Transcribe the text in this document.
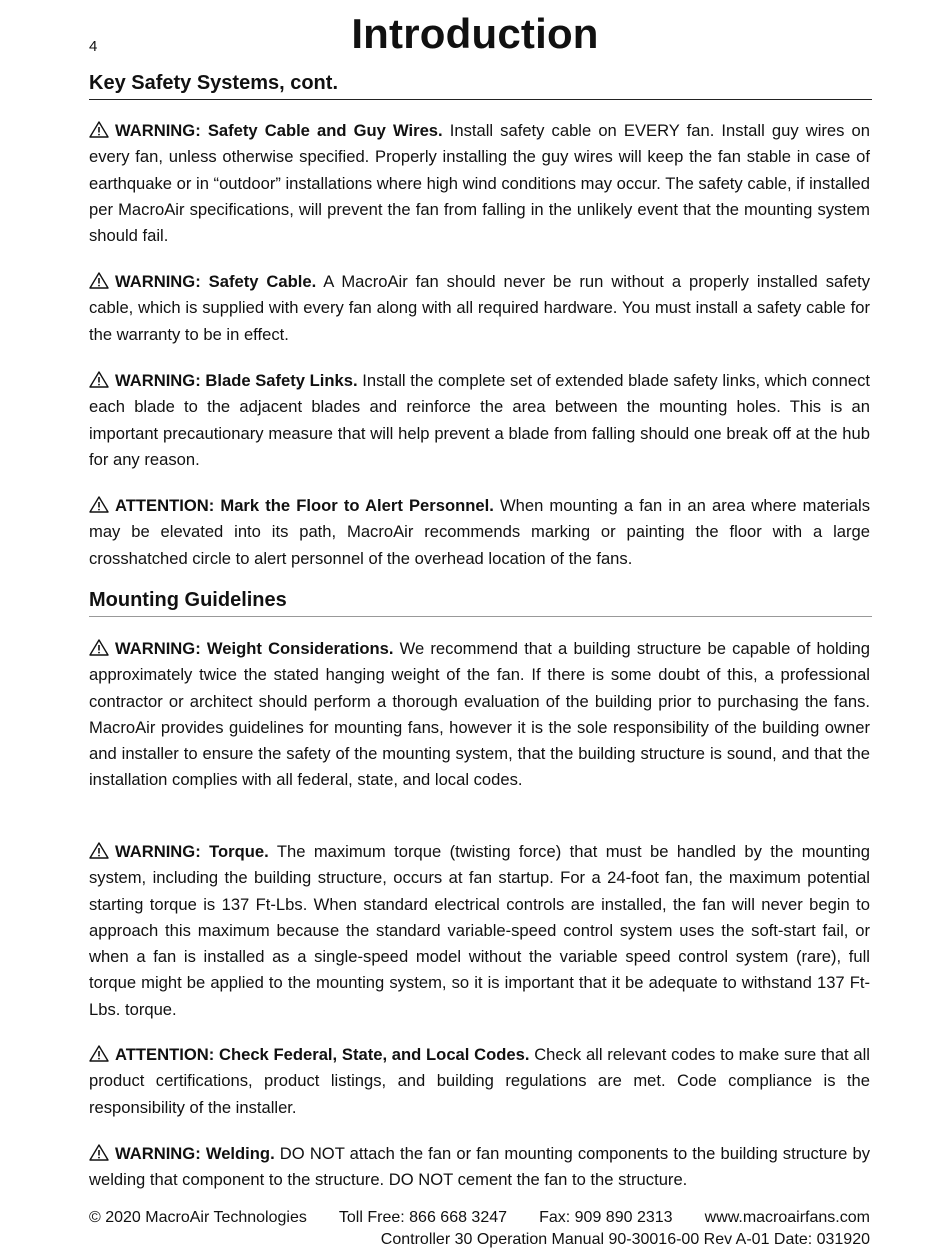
4	Introduction
Key Safety Systems, cont.

WARNING: Safety Cable and Guy Wires. Install safety cable on EVERY fan. Install guy wires on every fan, unless otherwise specified. Properly installing the guy wires will keep the fan stable in case of earthquake or in “outdoor” installations where high wind conditions may occur. The safety cable, if installed per MacroAir specifications, will prevent the fan from falling in the unlikely event that the mounting system should fail.

WARNING: Safety Cable. A MacroAir fan should never be run without a properly installed safety cable, which is supplied with every fan along with all required hardware. You must install a safety cable for the warranty to be in effect.

WARNING: Blade Safety Links. Install the complete set of extended blade safety links, which connect each blade to the adjacent blades and reinforce the area between the mounting holes. This is an important precautionary measure that will help prevent a blade from falling should one break off at the hub for any reason.

ATTENTION: Mark the Floor to Alert Personnel. When mounting a fan in an area where materials may be elevated into its path, MacroAir recommends marking or painting the floor with a large crosshatched circle to alert personnel of the overhead location of the fans.

Mounting Guidelines

WARNING: Weight Considerations. We recommend that a building structure be capable of holding approximately twice the stated hanging weight of the fan. If there is some doubt of this, a professional contractor or architect should perform a thorough evaluation of the building prior to purchasing the fans. MacroAir provides guidelines for mounting fans, however it is the sole responsibility of the building owner and installer to ensure the safety of the mounting system, that the building structure is sound, and that the installation complies with all federal, state, and local codes.

WARNING: Torque. The maximum torque (twisting force) that must be handled by the mounting system, including the building structure, occurs at fan startup. For a 24-foot fan, the maximum potential starting torque is 137 Ft-Lbs. When standard electrical controls are installed, the fan will never begin to approach this maximum because the standard variable-speed control system uses the soft-start fail, or when a fan is installed as a single-speed model without the variable speed control system (rare), full torque might be applied to the mounting system, so it is important that it be adequate to withstand 137 Ft-Lbs. torque.

ATTENTION: Check Federal, State, and Local Codes. Check all relevant codes to make sure that all product certifications, product listings, and building regulations are met. Code compliance is the responsibility of the installer.

WARNING: Welding. DO NOT attach the fan or fan mounting components to the building structure by welding that component to the structure. DO NOT cement the fan to the structure.

© 2020 MacroAir Technologies Toll Free: 866 668 3247 Fax: 909 890 2313 www.macroairfans.com
Controller 30 Operation Manual 90-30016-00 Rev A-01 Date: 031920
